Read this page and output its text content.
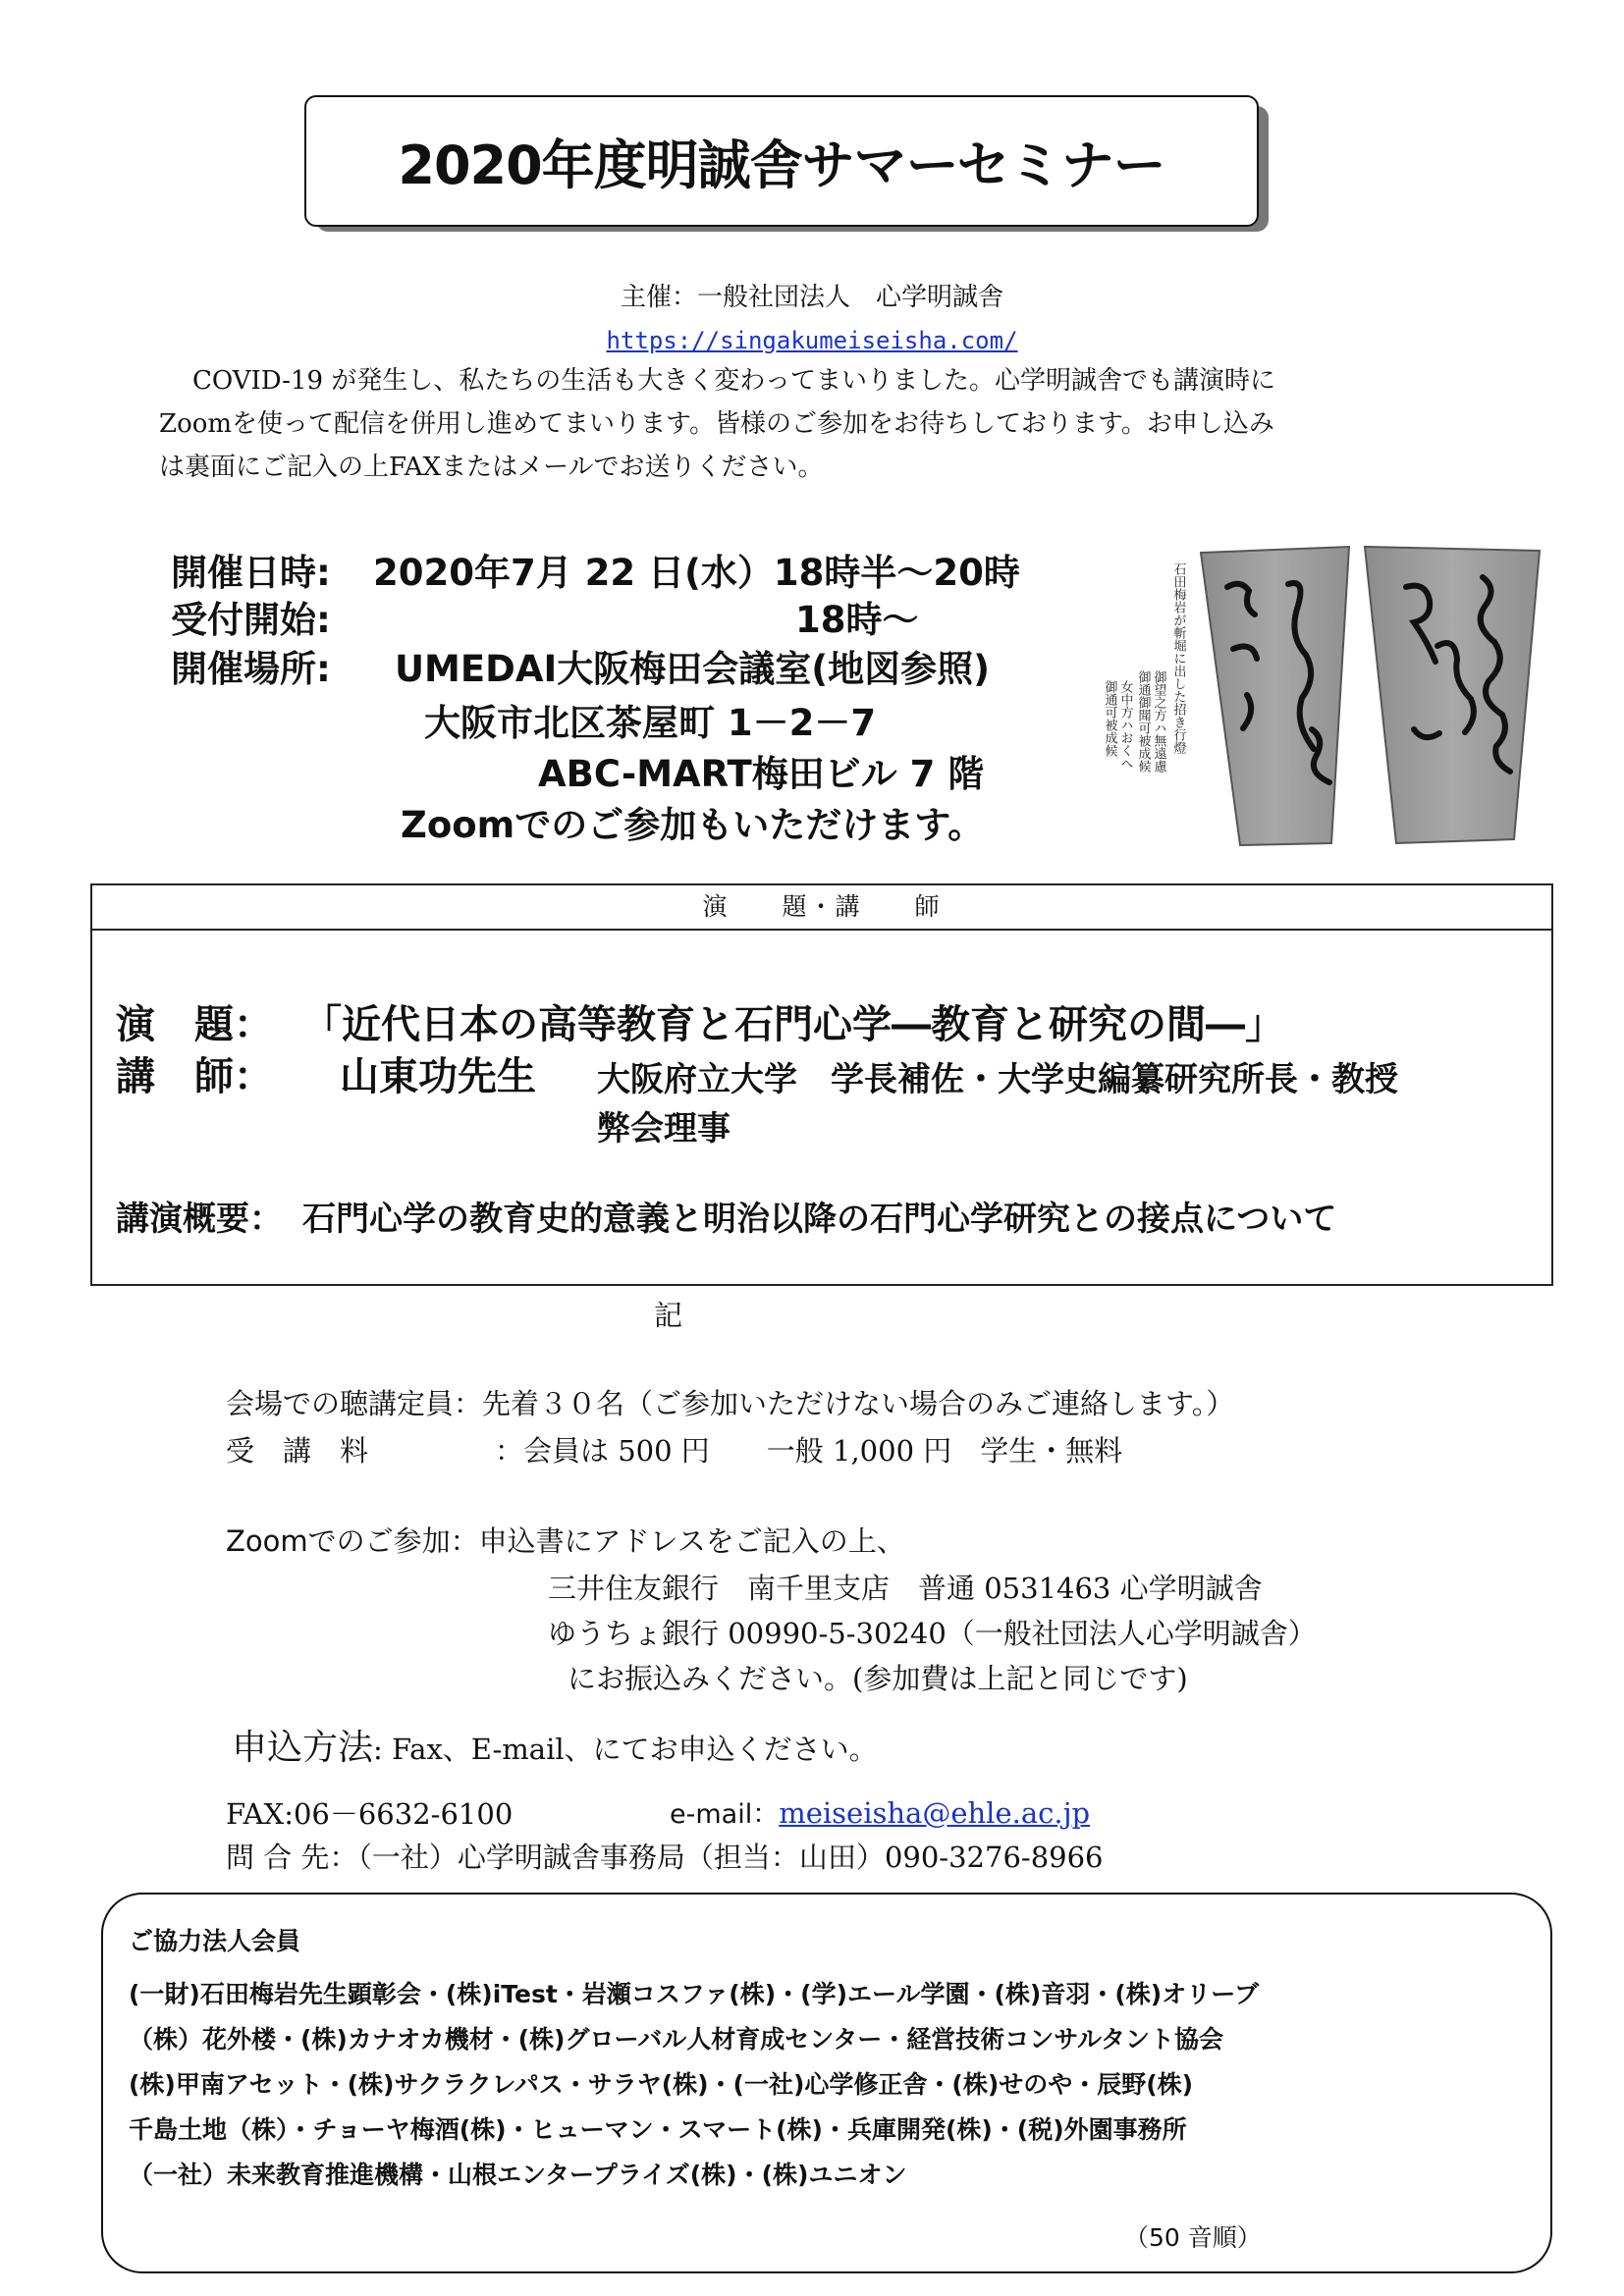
2020年度明誠舎サマーセミナー
主催：一般社団法人　心学明誠舎
https://singakumeiseisha.com/
COVID-19 が発生し、私たちの生活も大きく変わってまいりました。心学明誠舎でも講演時に
Zoomを使って配信を併用し進めてまいります。皆様のご参加をお待ちしております。お申し込み
は裏面にご記入の上FAXまたはメールでお送りください。
開催日時: 2020年7月 22 日(水）18時半～20時
受付開始:	18時～
開催場所: UMEDAI大阪梅田会議室(地図参照)
大阪市北区茶屋町 1－2－7
ABC-MART梅田ビル 7 階
Zoomでのご参加もいただけます。
石田梅岩が斬堀に出した招き行燈
御望之方ハ無遠慮
御通御聞可被成候
女中方ハおくへ
御通可被成候
演　　題・講　　師
演　題： 「近代日本の高等教育と石門心学―教育と研究の間―」
講　師： 山東功先生 大阪府立大学　学長補佐・大学史編纂研究所長・教授
弊会理事
講演概要： 石門心学の教育史的意義と明治以降の石門心学研究との接点について
記
会場での聴講定員：先着３０名（ご参加いただけない場合のみご連絡します。）
受　講　料	：会員は 500 円　　一般 1,000 円　学生・無料
Zoomでのご参加：申込書にアドレスをご記入の上、
三井住友銀行　南千里支店　普通 0531463 心学明誠舎
ゆうちょ銀行 00990-5-30240（一般社団法人心学明誠舎）
にお振込みください。(参加費は上記と同じです)
申込方法: Fax、E-mail、にてお申込ください。
FAX:06－6632-6100	e-mail：meiseisha@ehle.ac.jp
問 合 先：（一社）心学明誠舎事務局（担当：山田）090-3276-8966
ご協力法人会員
(一財)石田梅岩先生顕彰会・(株)iTest・岩瀬コスファ(株)・(学)エール学園・(株)音羽・(株)オリーブ
（株）花外楼・(株)カナオカ機材・(株)グローバル人材育成センター・経営技術コンサルタント協会
(株)甲南アセット・(株)サクラクレパス・サラヤ(株)・(一社)心学修正舎・(株)せのや・辰野(株)
千島土地（株）・チョーヤ梅酒(株)・ヒューマン・スマート(株)・兵庫開発(株)・(税)外園事務所
（一社）未来教育推進機構・山根エンタープライズ(株)・(株)ユニオン
（50 音順）
